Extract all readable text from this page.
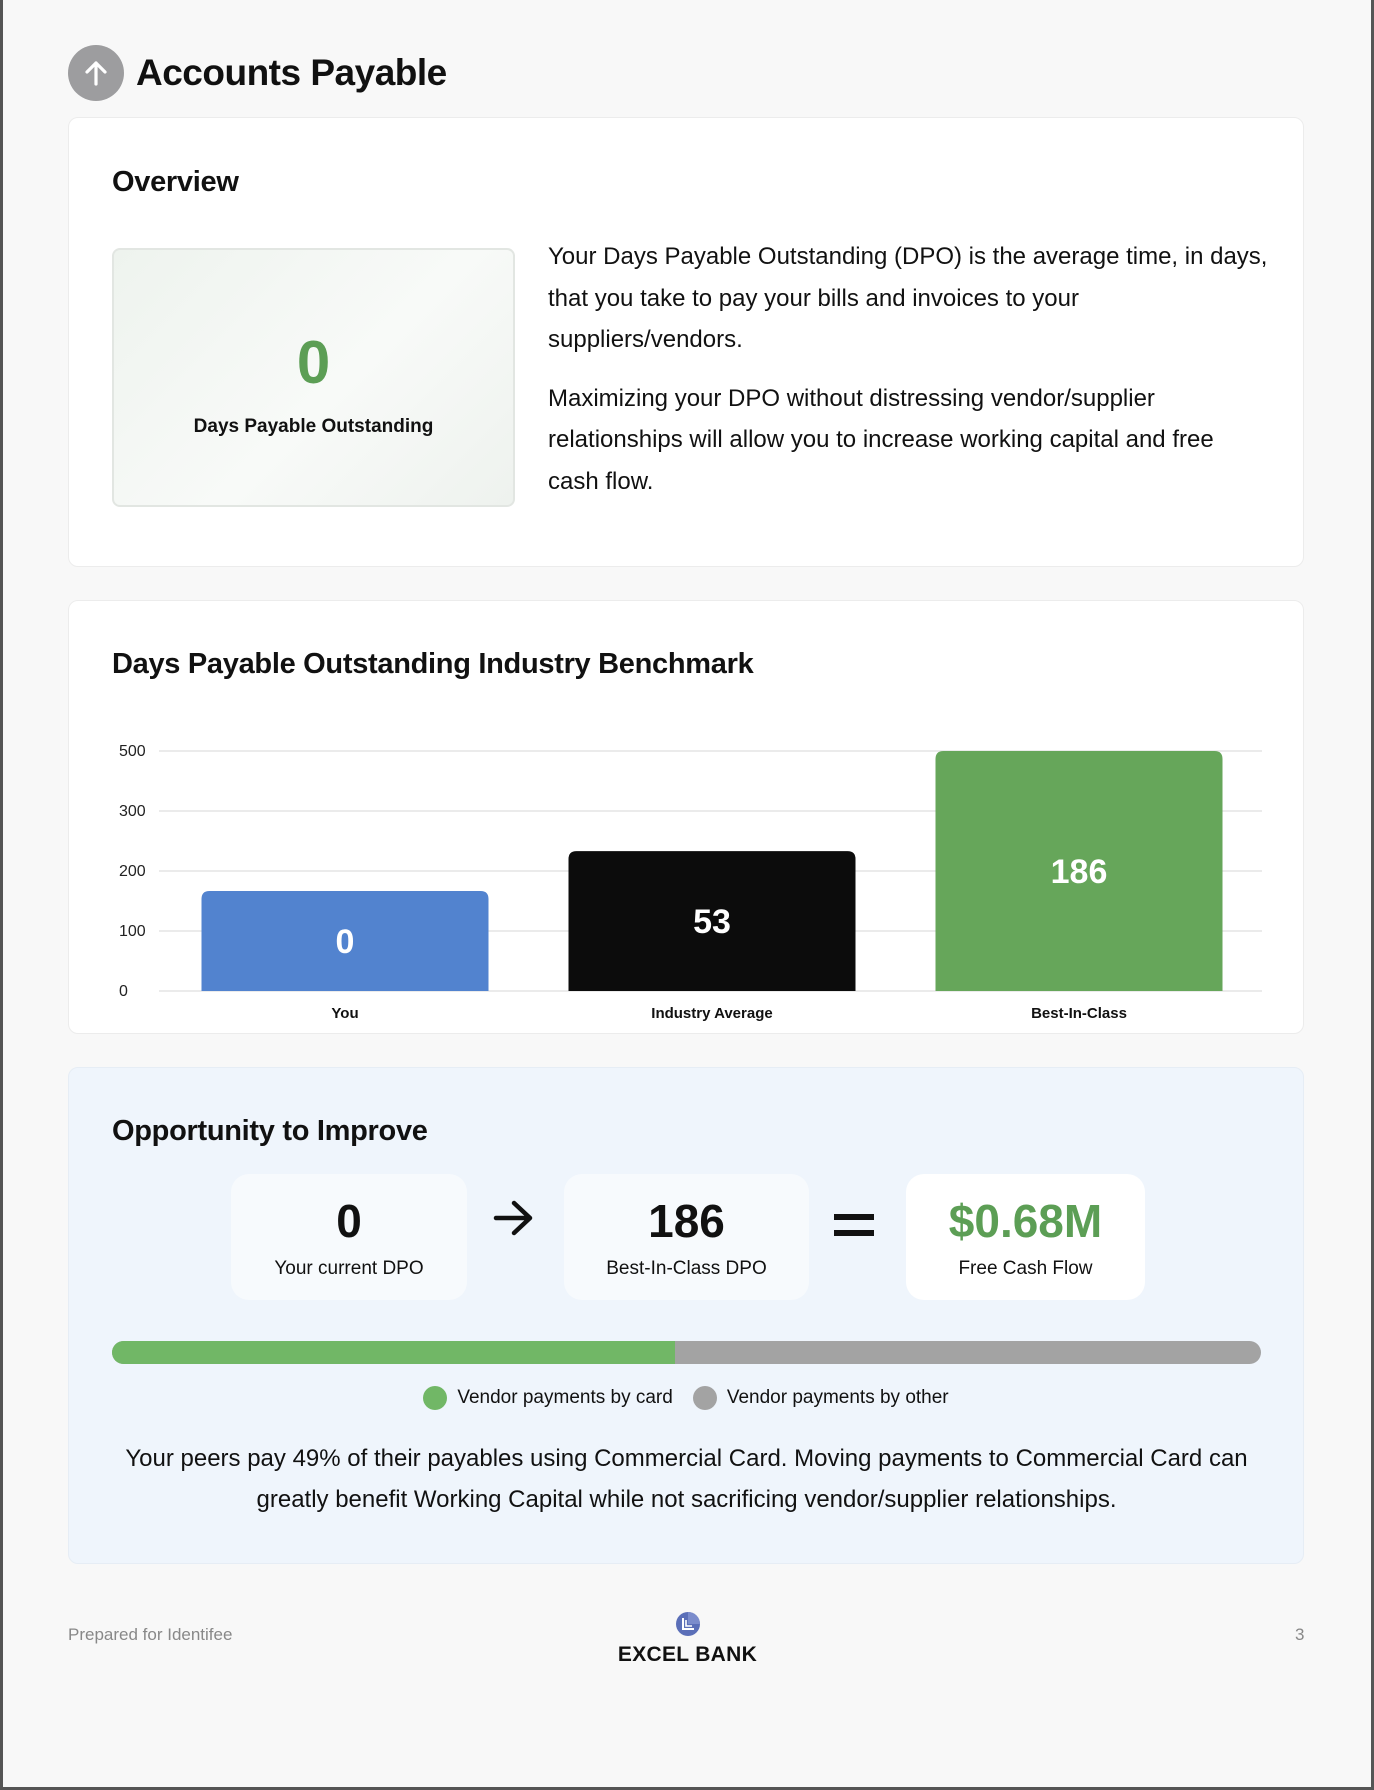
Accounts Payable
Overview
0
Days Payable Outstanding

Your Days Payable Outstanding (DPO) is the average time, in days, that you take to pay your bills and invoices to your suppliers/vendors.

Maximizing your DPO without distressing vendor/supplier relationships will allow you to increase working capital and free cash flow.

Days Payable Outstanding Industry Benchmark
0
100
200
300
500
0
You
53
Industry Average
186
Best-In-Class
Opportunity to Improve
0
Your current DPO
186
Best-In-Class DPO
$0.68M
Free Cash Flow
Vendor payments by card	Vendor payments by other
Your peers pay 49% of their payables using Commercial Card. Moving payments to Commercial Card can greatly benefit Working Capital while not sacrificing vendor/supplier relationships.
Prepared for Identifee
EXCEL BANK
3
